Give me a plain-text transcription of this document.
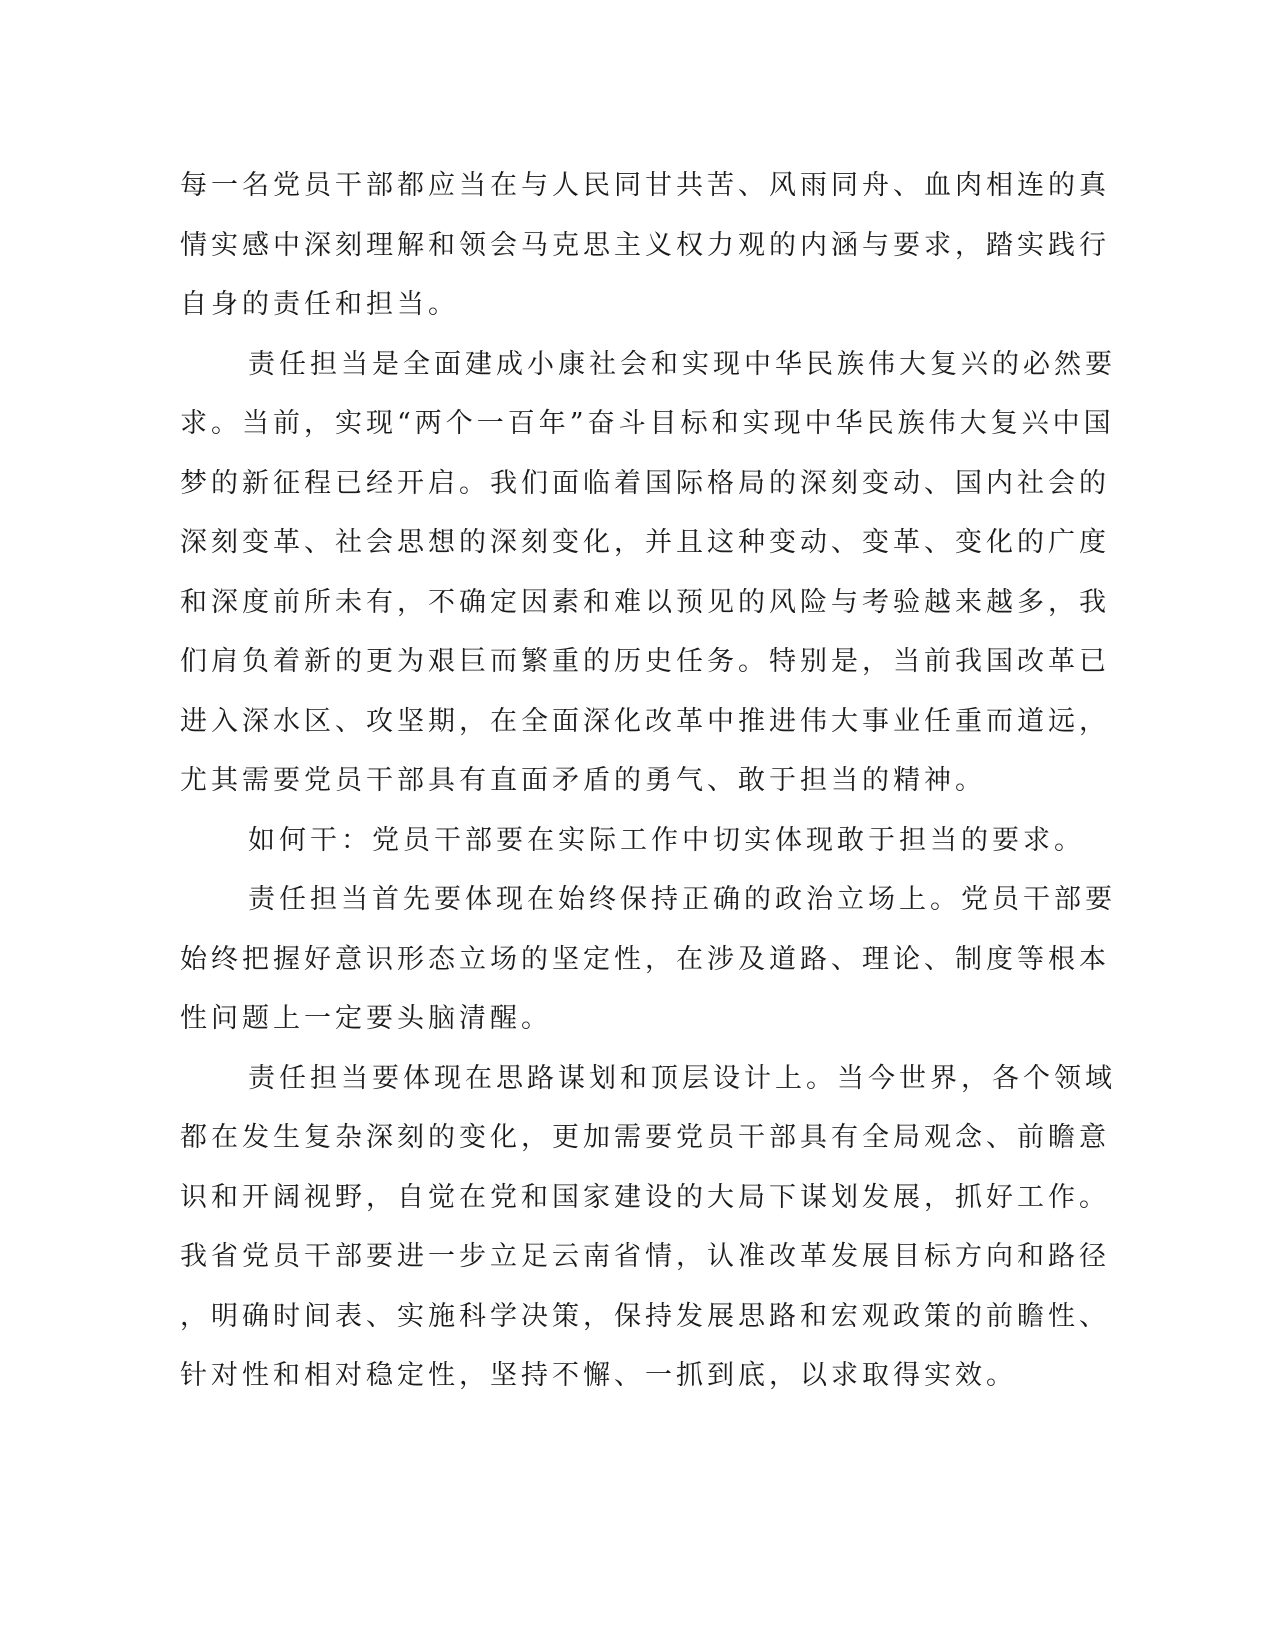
每一名党员干部都应当在与人民同甘共苦、风雨同舟、血肉相连的真
情实感中深刻理解和领会马克思主义权力观的内涵与要求，踏实践行
自身的责任和担当。
责任担当是全面建成小康社会和实现中华民族伟大复兴的必然要
求。当前，实现“两个一百年”奋斗目标和实现中华民族伟大复兴中国
梦的新征程已经开启。我们面临着国际格局的深刻变动、国内社会的
深刻变革、社会思想的深刻变化，并且这种变动、变革、变化的广度
和深度前所未有，不确定因素和难以预见的风险与考验越来越多，我
们肩负着新的更为艰巨而繁重的历史任务。特别是，当前我国改革已
进入深水区、攻坚期，在全面深化改革中推进伟大事业任重而道远，
尤其需要党员干部具有直面矛盾的勇气、敢于担当的精神。
如何干：党员干部要在实际工作中切实体现敢于担当的要求。
责任担当首先要体现在始终保持正确的政治立场上。党员干部要
始终把握好意识形态立场的坚定性，在涉及道路、理论、制度等根本
性问题上一定要头脑清醒。
责任担当要体现在思路谋划和顶层设计上。当今世界，各个领域
都在发生复杂深刻的变化，更加需要党员干部具有全局观念、前瞻意
识和开阔视野，自觉在党和国家建设的大局下谋划发展，抓好工作。
我省党员干部要进一步立足云南省情，认准改革发展目标方向和路径
，明确时间表、实施科学决策，保持发展思路和宏观政策的前瞻性、
针对性和相对稳定性，坚持不懈、一抓到底，以求取得实效。
